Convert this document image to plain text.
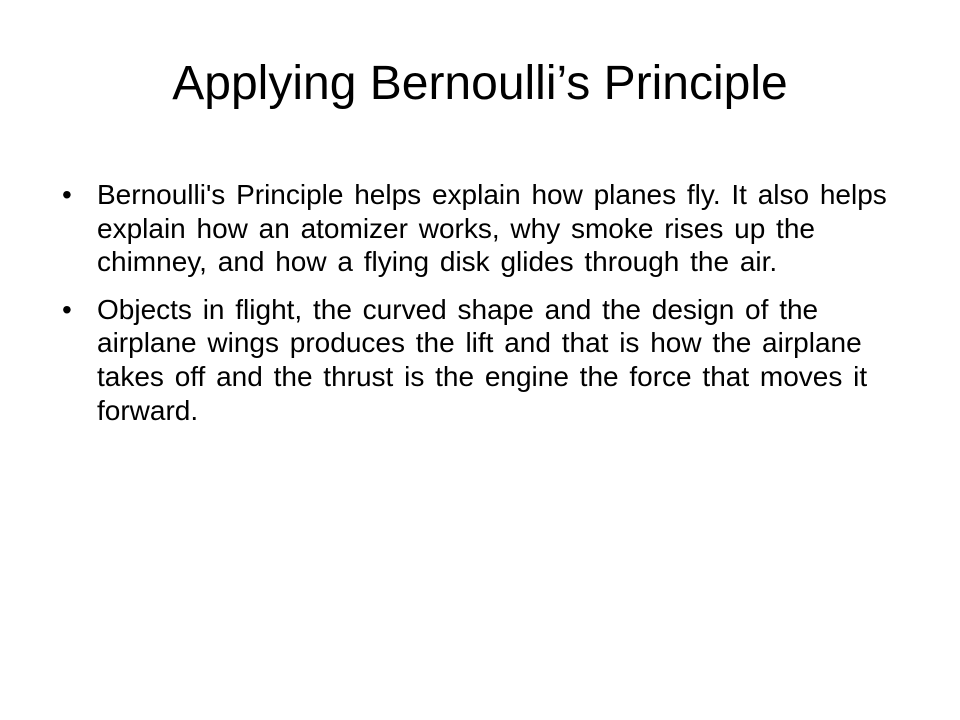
Applying Bernoulli’s Principle
• Bernoulli's Principle helps explain how planes fly. It also helps explain how an atomizer works, why smoke rises up the chimney, and how a flying disk glides through the air.
• Objects in flight, the curved shape and the design of the airplane wings produces the lift and that is how the airplane takes off and the thrust is the engine the force that moves it forward.
